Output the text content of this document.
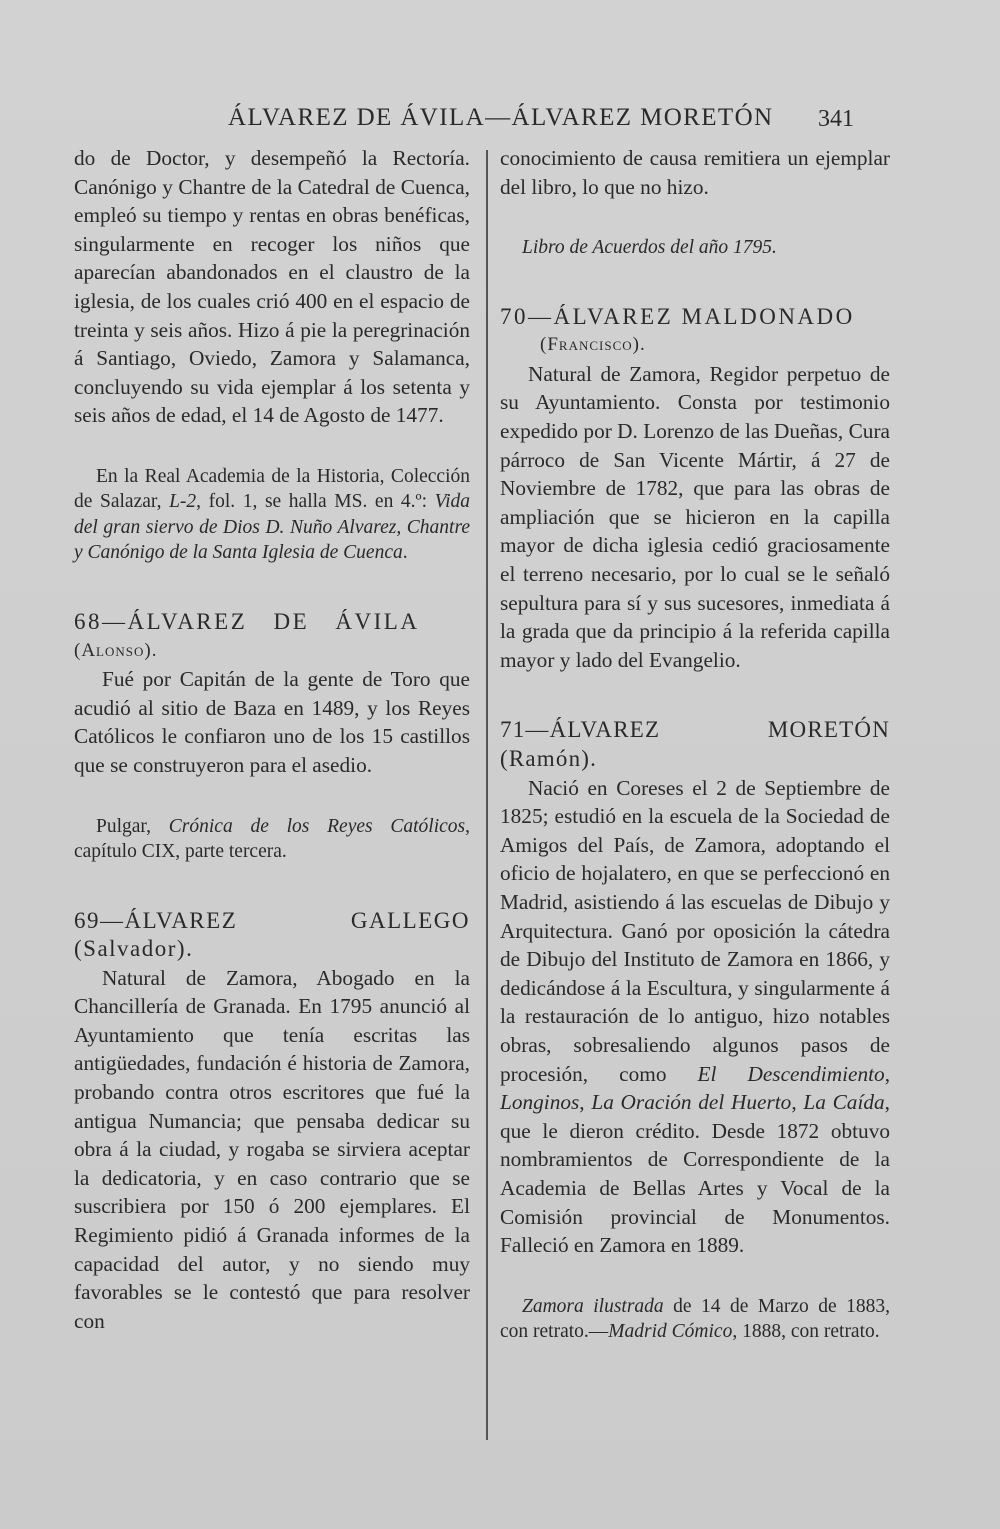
ÁLVAREZ DE ÁVILA—ÁLVAREZ MORETÓN 341

do de Doctor, y desempeñó la Rectoría. Canónigo y Chantre de la Catedral de Cuenca, empleó su tiempo y rentas en obras benéficas, singularmente en recoger los niños que aparecían abandonados en el claustro de la iglesia, de los cuales crió 400 en el espacio de treinta y seis años. Hizo á pie la peregrinación á Santiago, Oviedo, Zamora y Salamanca, concluyendo su vida ejemplar á los setenta y seis años de edad, el 14 de Agosto de 1477.

En la Real Academia de la Historia, Colección de Salazar, L-2, fol. 1, se halla MS. en 4.º: Vida del gran siervo de Dios D. Nuño Alvarez, Chantre y Canónigo de la Santa Iglesia de Cuenca.

68—ÁLVAREZ DE ÁVILA

(Alonso).

Fué por Capitán de la gente de Toro que acudió al sitio de Baza en 1489, y los Reyes Católicos le confiaron uno de los 15 castillos que se construyeron para el asedio.

Pulgar, Crónica de los Reyes Católicos, capítulo CIX, parte tercera.

69—ÁLVAREZ GALLEGO (Salvador).

Natural de Zamora, Abogado en la Chancillería de Granada. En 1795 anunció al Ayuntamiento que tenía escritas las antigüedades, fundación é historia de Zamora, probando contra otros escritores que fué la antigua Numancia; que pensaba dedicar su obra á la ciudad, y rogaba se sirviera aceptar la dedicatoria, y en caso contrario que se suscribiera por 150 ó 200 ejemplares. El Regimiento pidió á Granada informes de la capacidad del autor, y no siendo muy favorables se le contestó que para resolver con

conocimiento de causa remitiera un ejemplar del libro, lo que no hizo.

Libro de Acuerdos del año 1795.

70—ÁLVAREZ MALDONADO

(Francisco).

Natural de Zamora, Regidor perpetuo de su Ayuntamiento. Consta por testimonio expedido por D. Lorenzo de las Dueñas, Cura párroco de San Vicente Mártir, á 27 de Noviembre de 1782, que para las obras de ampliación que se hicieron en la capilla mayor de dicha iglesia cedió graciosamente el terreno necesario, por lo cual se le señaló sepultura para sí y sus sucesores, inmediata á la grada que da principio á la referida capilla mayor y lado del Evangelio.

71—ÁLVAREZ MORETÓN (Ramón).

Nació en Coreses el 2 de Septiembre de 1825; estudió en la escuela de la Sociedad de Amigos del País, de Zamora, adoptando el oficio de hojalatero, en que se perfeccionó en Madrid, asistiendo á las escuelas de Dibujo y Arquitectura. Ganó por oposición la cátedra de Dibujo del Instituto de Zamora en 1866, y dedicándose á la Escultura, y singularmente á la restauración de lo antiguo, hizo notables obras, sobresaliendo algunos pasos de procesión, como El Descendimiento, Longinos, La Oración del Huerto, La Caída, que le dieron crédito. Desde 1872 obtuvo nombramientos de Correspondiente de la Academia de Bellas Artes y Vocal de la Comisión provincial de Monumentos. Falleció en Zamora en 1889.

Zamora ilustrada de 14 de Marzo de 1883, con retrato.—Madrid Cómico, 1888, con retrato.
